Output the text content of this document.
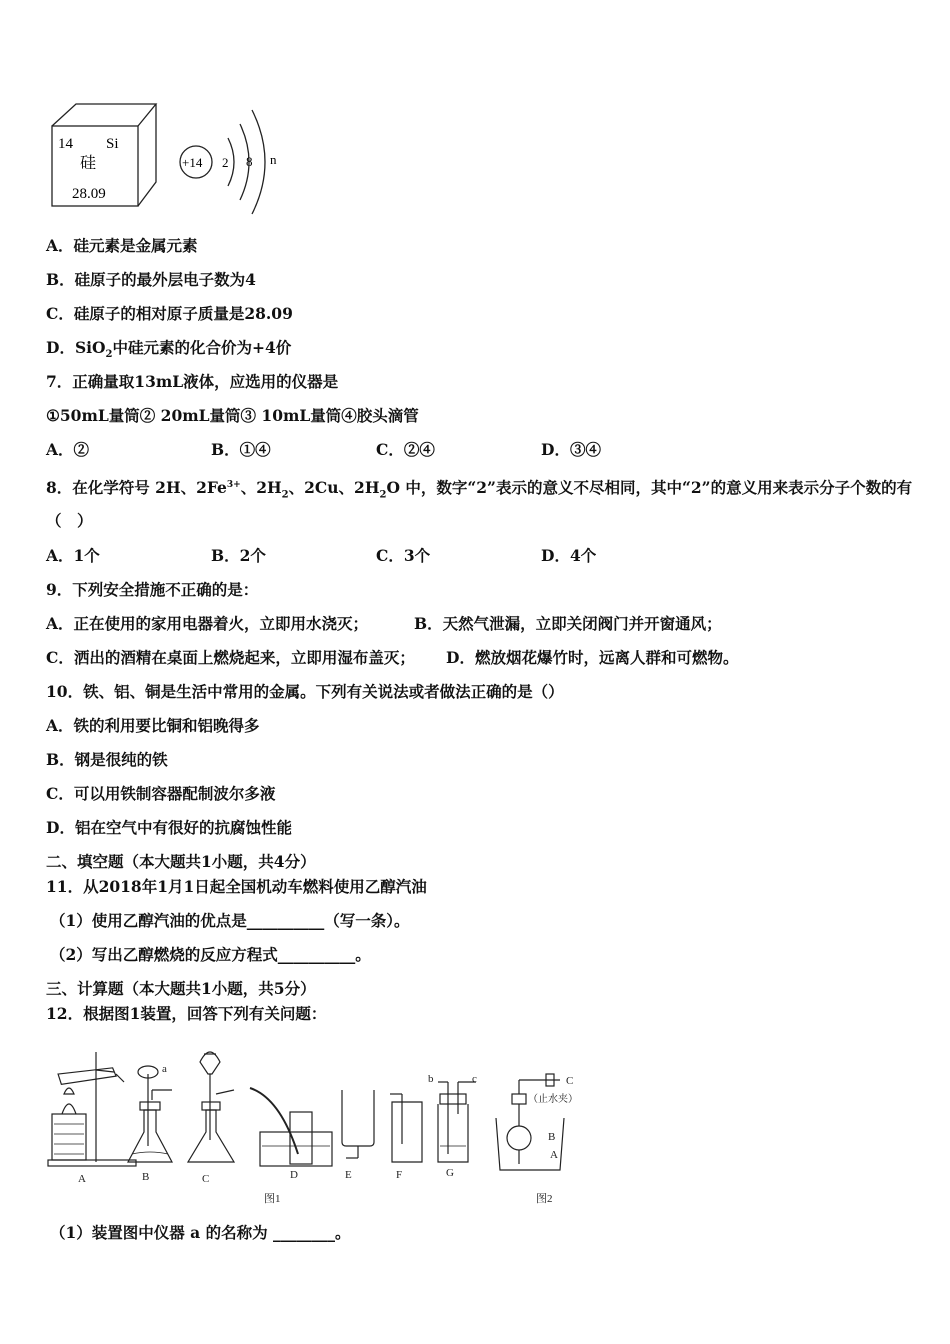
14 Si
硅
28.09
+14 2 8 n
A．硅元素是金属元素
B．硅原子的最外层电子数为4
C．硅原子的相对原子质量是28.09
D．SiO$_2$中硅元素的化合价为+4价
7．正确量取13mL液体，应选用的仪器是
①50mL量筒② 20mL量筒③ 10mL量筒④胶头滴管
A．②	B．①④	C．②④	D．③④
8．在化学符号 2H、$2Fe^{3+}$、$2H_2$、2Cu、$2H_2O$ 中，数字“2”表示的意义不尽相同，其中“2”的意义用来表示分子个数的有
（　）
A．1个	B．2个	C．3个	D．4个
9．下列安全措施不正确的是：
A．正在使用的家用电器着火，立即用水浇灭；	B．天然气泄漏，立即关闭阀门并开窗通风；
C．洒出的酒精在桌面上燃烧起来，立即用湿布盖灭； D．燃放烟花爆竹时，远离人群和可燃物。
10．铁、铝、铜是生活中常用的金属。下列有关说法或者做法正确的是（）
A．铁的利用要比铜和铝晚得多
B．钢是很纯的铁
C．可以用铁制容器配制波尔多液
D．铝在空气中有很好的抗腐蚀性能
二、填空题（本大题共1小题，共4分）
11．从2018年1月1日起全国机动车燃料使用乙醇汽油
（1）使用乙醇汽油的优点是__________（写一条）。
（2）写出乙醇燃烧的反应方程式__________。
三、计算题（本大题共1小题，共5分）
12．根据图1装置，回答下列有关问题：
A	B	C	D	E	F	G
a
b	c
图1	图2
C
B
A
（止水夹）
（1）装置图中仪器 a 的名称为 ________。
